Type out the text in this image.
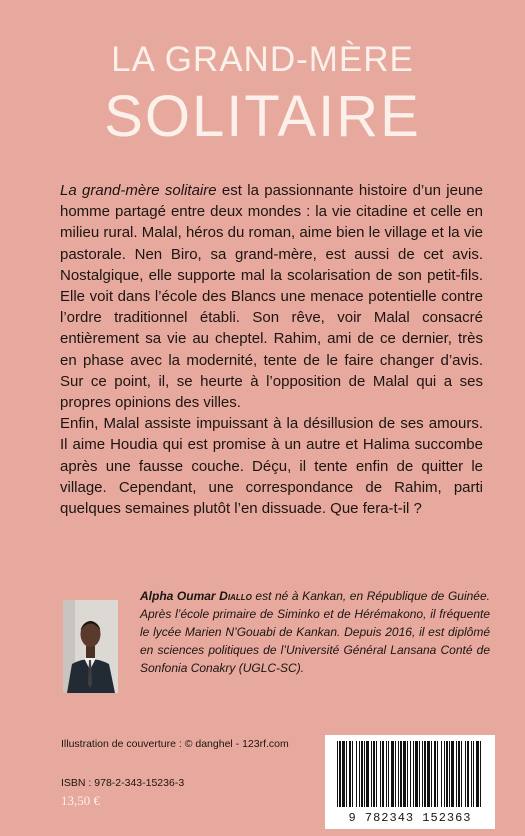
LA GRAND-MÈRE
SOLITAIRE

La grand-mère solitaire est la passionnante histoire d’un jeune homme partagé entre deux mondes : la vie citadine et celle en milieu rural. Malal, héros du roman, aime bien le village et la vie pastorale. Nen Biro, sa grand-mère, est aussi de cet avis. Nostalgique, elle supporte mal la scolarisation de son petit-fils. Elle voit dans l’école des Blancs une menace potentielle contre l’ordre traditionnel établi. Son rêve, voir Malal consacré entièrement sa vie au cheptel. Rahim, ami de ce dernier, très en phase avec la modernité, tente de le faire changer d’avis. Sur ce point, il, se heurte à l’opposition de Malal qui a ses propres opinions des villes.

Enfin, Malal assiste impuissant à la désillusion de ses amours. Il aime Houdia qui est promise à un autre et Halima succombe après une fausse couche. Déçu, il tente enfin de quitter le village. Cependant, une correspondance de Rahim, parti quelques semaines plutôt l’en dissuade. Que fera-t-il ?

Alpha Oumar Diallo est né à Kankan, en République de Guinée. Après l’école primaire de Siminko et de Hérémakono, il fréquente le lycée Marien N’Gouabi de Kankan. Depuis 2016, il est diplômé en sciences politiques de l’Université Général Lansana Conté de Sonfonia Conakry (UGLC-SC).
Illustration de couverture : © danghel - 123rf.com
ISBN : 978-2-343-15236-3
13,50 €
9 782343 152363
